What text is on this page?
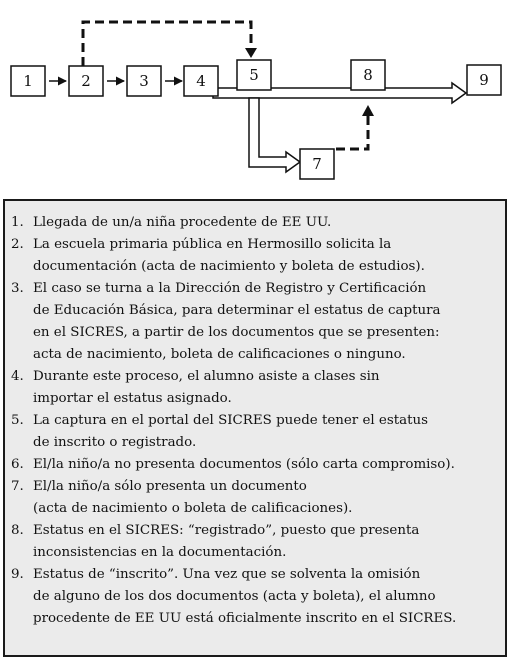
1	2	3	4	5	8	9
7
1. Llegada de un/a niña procedente de EE UU.
2. La escuela primaria pública en Hermosillo solicita la
documentación (acta de nacimiento y boleta de estudios).
3. El caso se turna a la Dirección de Registro y Certificación
de Educación Básica, para determinar el estatus de captura
en el SICRES, a partir de los documentos que se presenten:
acta de nacimiento, boleta de calificaciones o ninguno.
4. Durante este proceso, el alumno asiste a clases sin
importar el estatus asignado.
5. La captura en el portal del SICRES puede tener el estatus
de inscrito o registrado.
6. El/la niño/a no presenta documentos (sólo carta compromiso).
7. El/la niño/a sólo presenta un documento
(acta de nacimiento o boleta de calificaciones).
8. Estatus en el SICRES: “registrado”, puesto que presenta
inconsistencias en la documentación.
9. Estatus de “inscrito”. Una vez que se solventa la omisión
de alguno de los dos documentos (acta y boleta), el alumno
procedente de EE UU está oficialmente inscrito en el SICRES.
